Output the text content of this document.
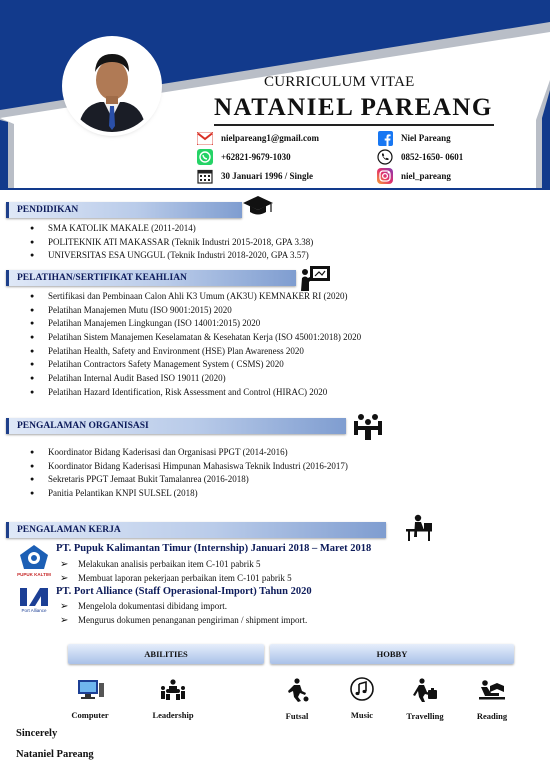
CURRICULUM VITAE
NATANIEL PAREANG
nielpareang1@gmail.com	Niel Pareang
+62821-9679-1030	0852-1650- 0601
30 Januari 1996 / Single	niel_pareang
PENDIDIKAN
● SMA KATOLIK MAKALE (2011-2014)
● POLITEKNIK ATI MAKASSAR (Teknik Industri 2015-2018, GPA 3.38)
● UNIVERSITAS ESA UNGGUL (Teknik Industri 2018-2020, GPA 3.57)
PELATIHAN/SERTIFIKAT KEAHLIAN
● Sertifikasi dan Pembinaan Calon Ahli K3 Umum (AK3U) KEMNAKER RI (2020)
● Pelatihan Manajemen Mutu (ISO 9001:2015) 2020
● Pelatihan Manajemen Lingkungan (ISO 14001:2015) 2020
● Pelatihan Sistem Manajemen Keselamatan & Kesehatan Kerja (ISO 45001:2018) 2020
● Pelatihan Health, Safety and Environment (HSE) Plan Awareness 2020
● Pelatihan Contractors Safety Management System ( CSMS) 2020
● Pelatihan Internal Audit Based ISO 19011 (2020)
● Pelatihan Hazard Identification, Risk Assessment and Control (HIRAC) 2020
PENGALAMAN ORGANISASI
● Koordinator Bidang Kaderisasi dan Organisasi PPGT (2014-2016)
● Koordinator Bidang Kaderisasi Himpunan Mahasiswa Teknik Industri (2016-2017)
● Sekretaris PPGT Jemaat Bukit Tamalanrea (2016-2018)
● Panitia Pelantikan KNPI SULSEL (2018)
PENGALAMAN KERJA
PUPUK KALTIM
PT. Pupuk Kalimantan Timur (Internship) Januari 2018 – Maret 2018
➢ Melakukan analisis perbaikan item C-101 pabrik 5
➢ Membuat laporan pekerjaan perbaikan item C-101 pabrik 5
Port Alliance
PT. Port Alliance (Staff Operasional-Import) Tahun 2020
➢ Mengelola dokumentasi dibidang import.
➢ Mengurus dokumen penanganan pengiriman / shipment import.
ABILITIES	HOBBY
Computer	Leadership	Futsal	Music	Travelling	Reading
Sincerely
Nataniel Pareang
